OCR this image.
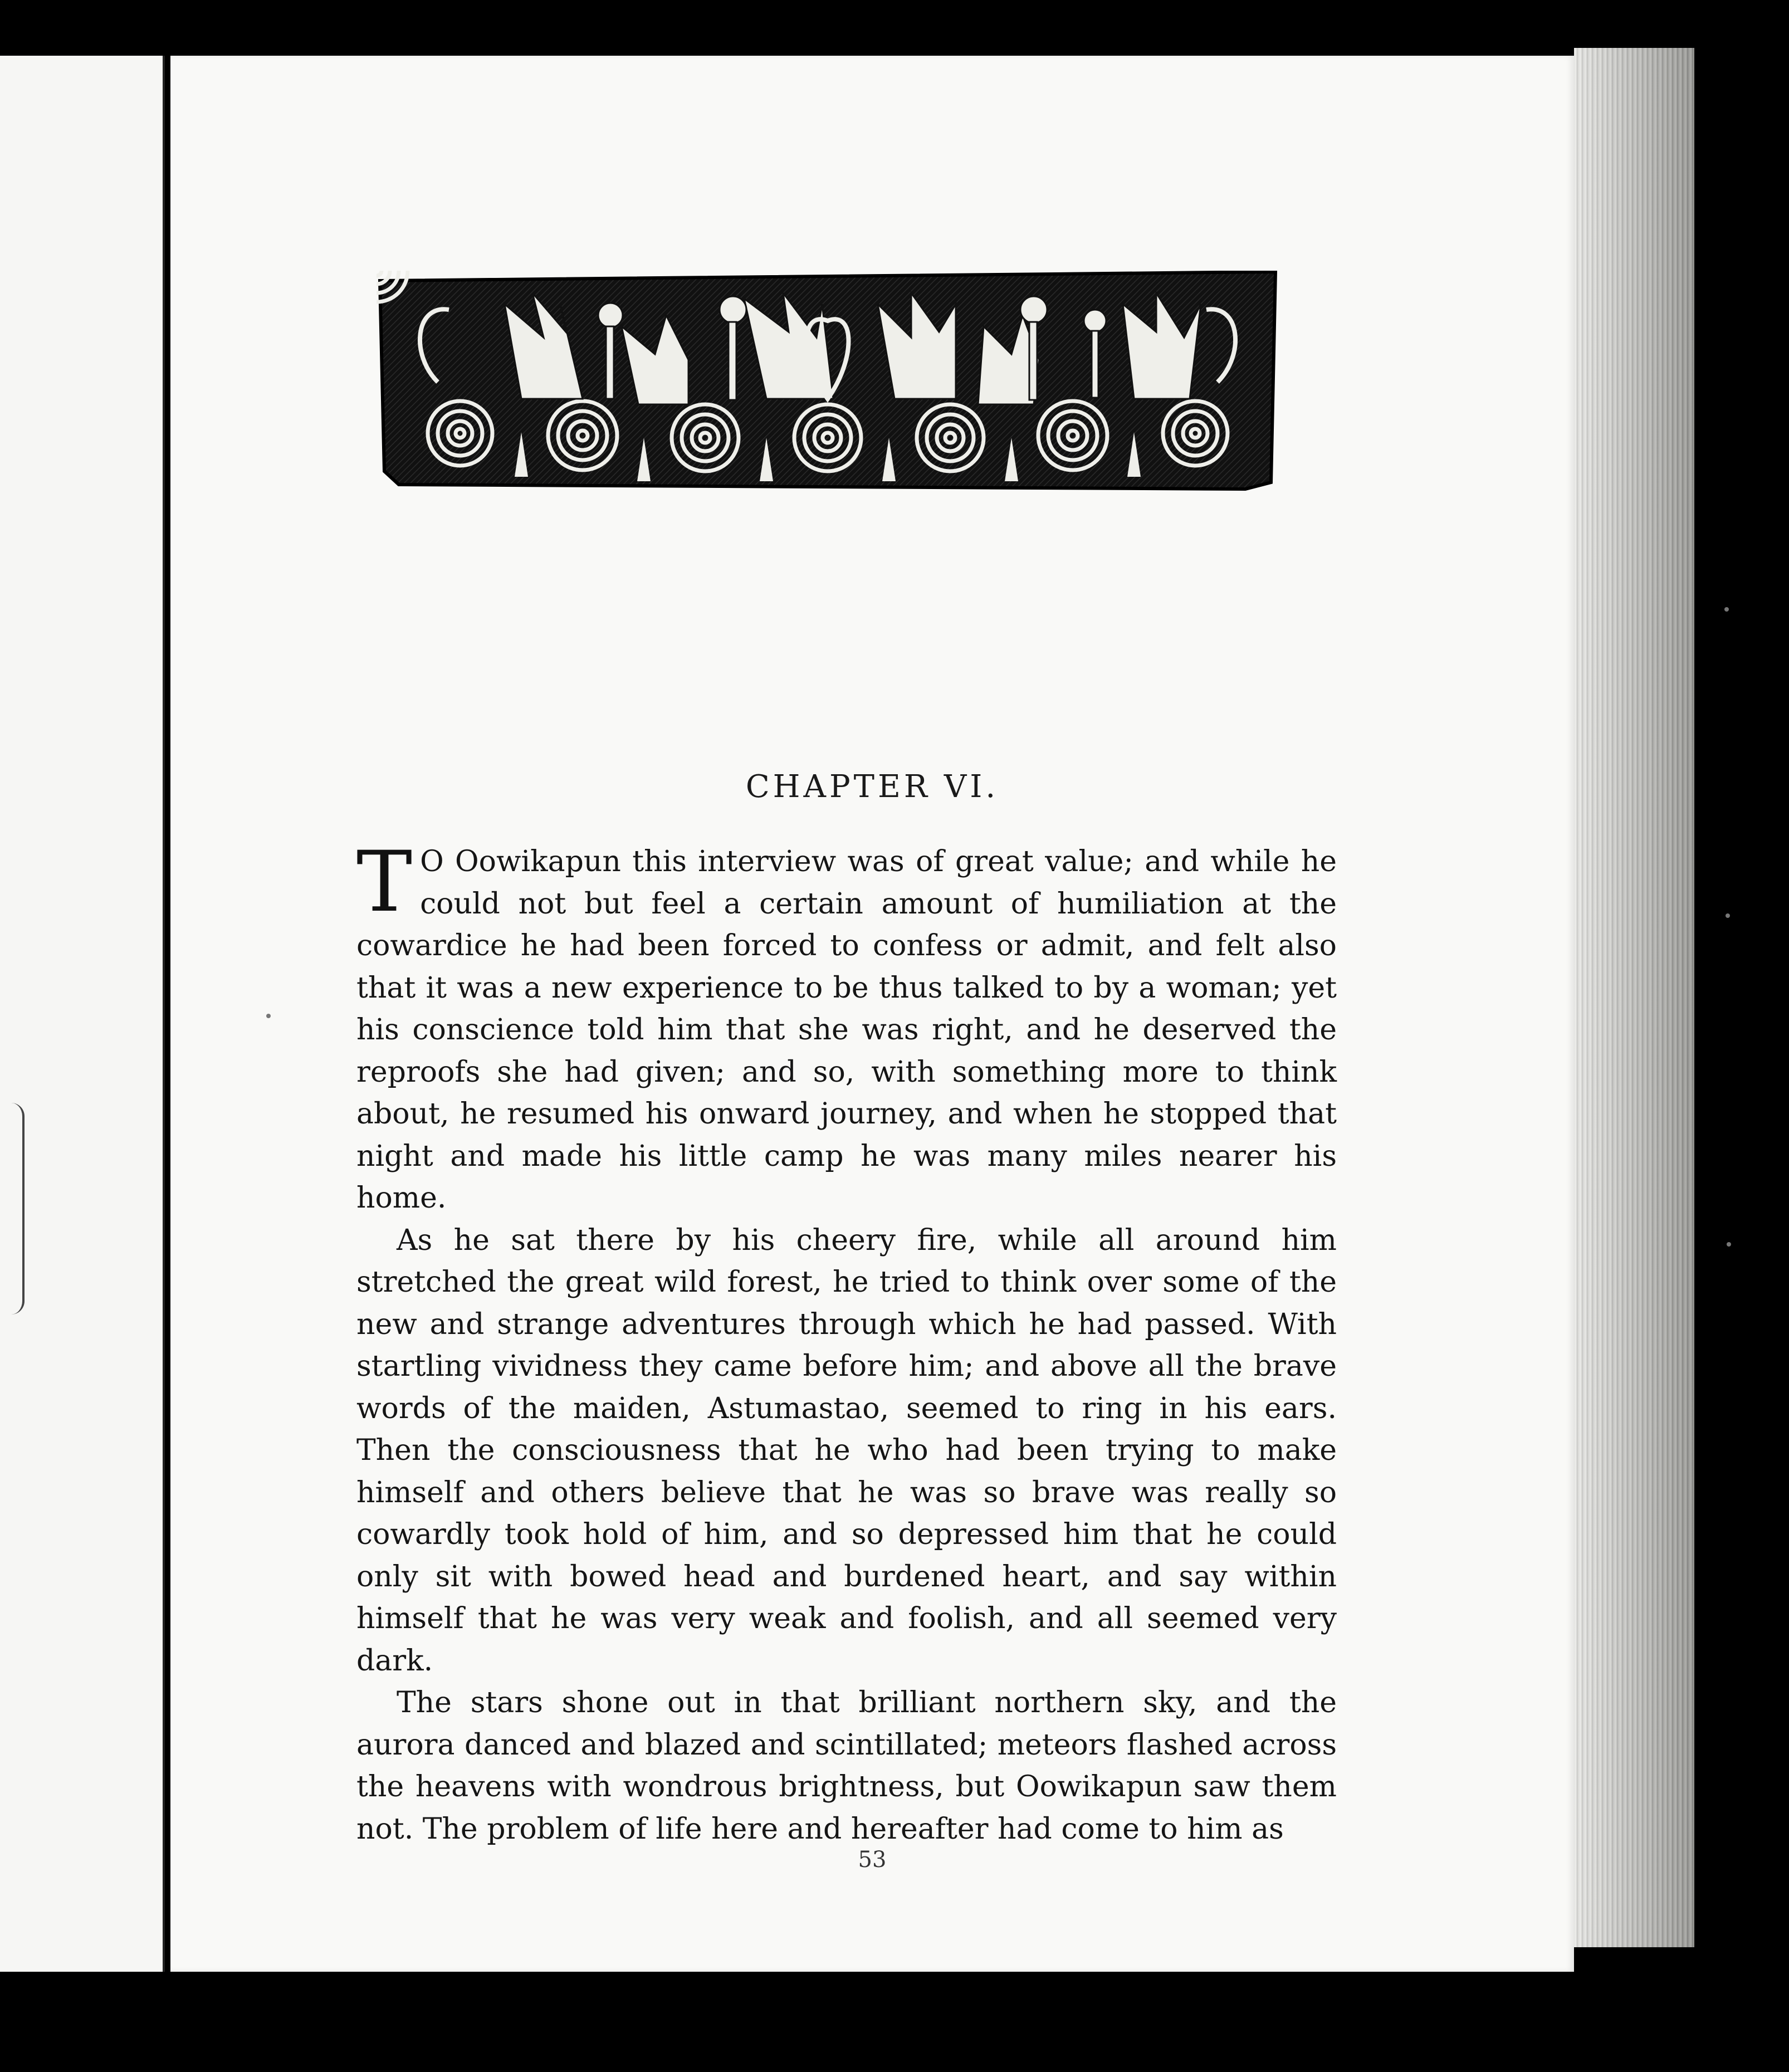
CHAPTER VI.

T O Oowikapun this interview was of great value; and while he could not but feel a certain amount of humiliation at the cowardice he had been forced to confess or admit, and felt also that it was a new experience to be thus talked to by a woman; yet his conscience told him that she was right, and he deserved the reproofs she had given; and so, with something more to think about, he resumed his onward journey, and when he stopped that night and made his little camp he was many miles nearer his home.

As he sat there by his cheery fire, while all around him stretched the great wild forest, he tried to think over some of the new and strange adventures through which he had passed. With startling vividness they came before him; and above all the brave words of the maiden, Astumastao, seemed to ring in his ears. Then the consciousness that he who had been trying to make himself and others believe that he was so brave was really so cowardly took hold of him, and so depressed him that he could only sit with bowed head and burdened heart, and say within himself that he was very weak and foolish, and all seemed very dark.

The stars shone out in that brilliant northern sky, and the aurora danced and blazed and scintillated; meteors flashed across the heavens with wondrous brightness, but Oowikapun saw them not. The problem of life here and hereafter had come to him as

53
